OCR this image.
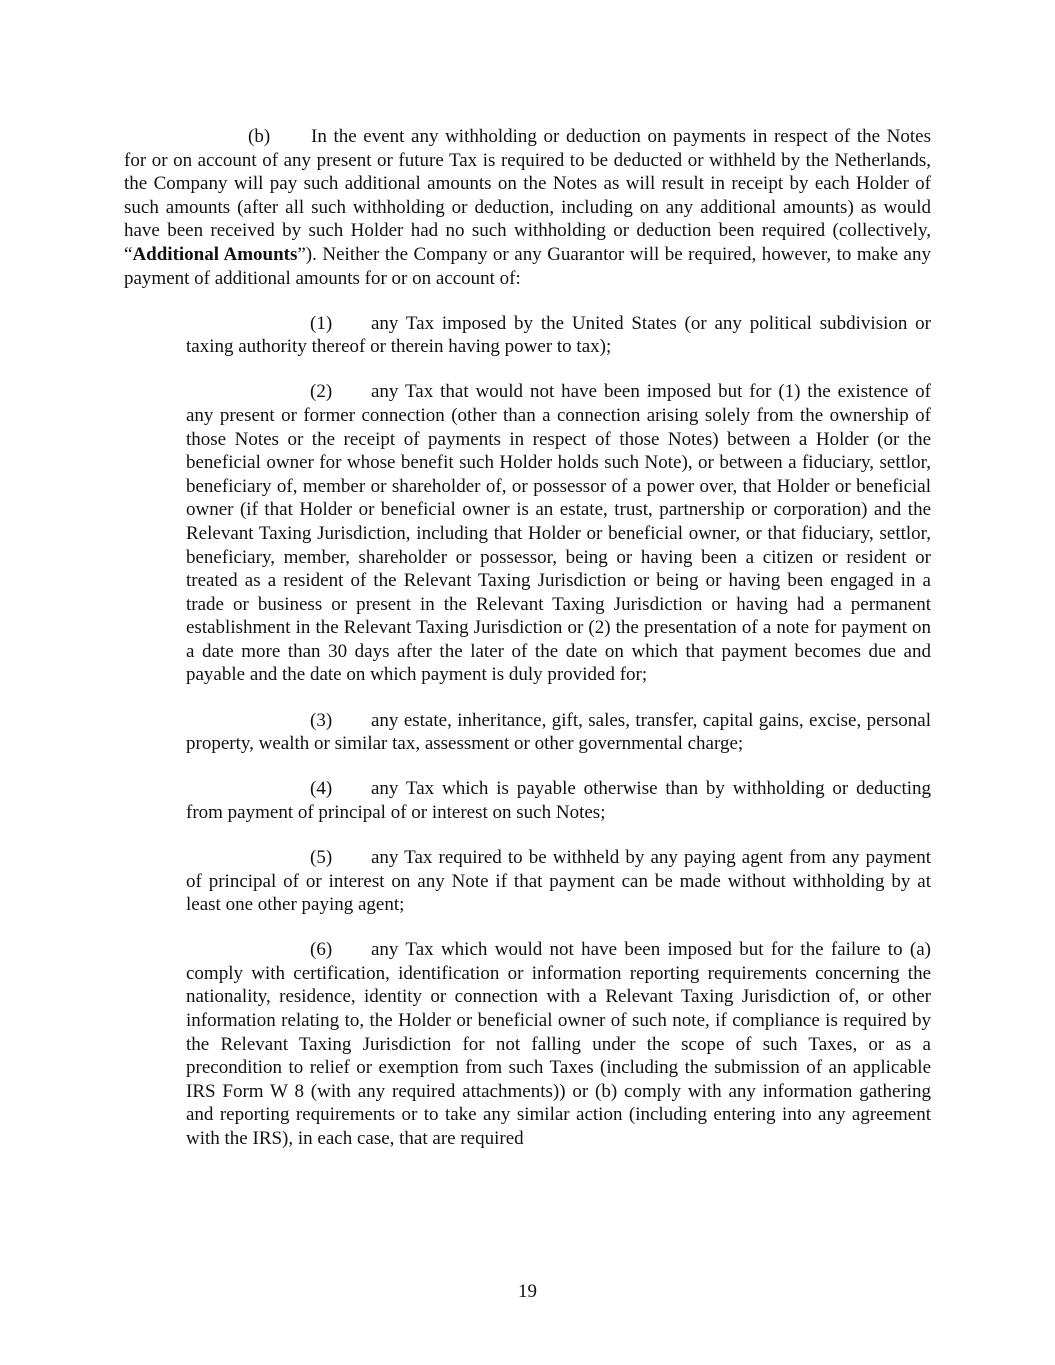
(b) In the event any withholding or deduction on payments in respect of the Notes for or on account of any present or future Tax is required to be deducted or withheld by the Netherlands, the Company will pay such additional amounts on the Notes as will result in receipt by each Holder of such amounts (after all such withholding or deduction, including on any additional amounts) as would have been received by such Holder had no such withholding or deduction been required (collectively, “Additional Amounts”). Neither the Company or any Guarantor will be required, however, to make any payment of additional amounts for or on account of:

(1) any Tax imposed by the United States (or any political subdivision or taxing authority thereof or therein having power to tax);

(2) any Tax that would not have been imposed but for (1) the existence of any present or former connection (other than a connection arising solely from the ownership of those Notes or the receipt of payments in respect of those Notes) between a Holder (or the beneficial owner for whose benefit such Holder holds such Note), or between a fiduciary, settlor, beneficiary of, member or shareholder of, or possessor of a power over, that Holder or beneficial owner (if that Holder or beneficial owner is an estate, trust, partnership or corporation) and the Relevant Taxing Jurisdiction, including that Holder or beneficial owner, or that fiduciary, settlor, beneficiary, member, shareholder or possessor, being or having been a citizen or resident or treated as a resident of the Relevant Taxing Jurisdiction or being or having been engaged in a trade or business or present in the Relevant Taxing Jurisdiction or having had a permanent establishment in the Relevant Taxing Jurisdiction or (2) the presentation of a note for payment on a date more than 30 days after the later of the date on which that payment becomes due and payable and the date on which payment is duly provided for;

(3) any estate, inheritance, gift, sales, transfer, capital gains, excise, personal property, wealth or similar tax, assessment or other governmental charge;

(4) any Tax which is payable otherwise than by withholding or deducting from payment of principal of or interest on such Notes;

(5) any Tax required to be withheld by any paying agent from any payment of principal of or interest on any Note if that payment can be made without withholding by at least one other paying agent;

(6) any Tax which would not have been imposed but for the failure to (a) comply with certification, identification or information reporting requirements concerning the nationality, residence, identity or connection with a Relevant Taxing Jurisdiction of, or other information relating to, the Holder or beneficial owner of such note, if compliance is required by the Relevant Taxing Jurisdiction for not falling under the scope of such Taxes, or as a precondition to relief or exemption from such Taxes (including the submission of an applicable IRS Form W 8 (with any required attachments)) or (b) comply with any information gathering and reporting requirements or to take any similar action (including entering into any agreement with the IRS), in each case, that are required

19
